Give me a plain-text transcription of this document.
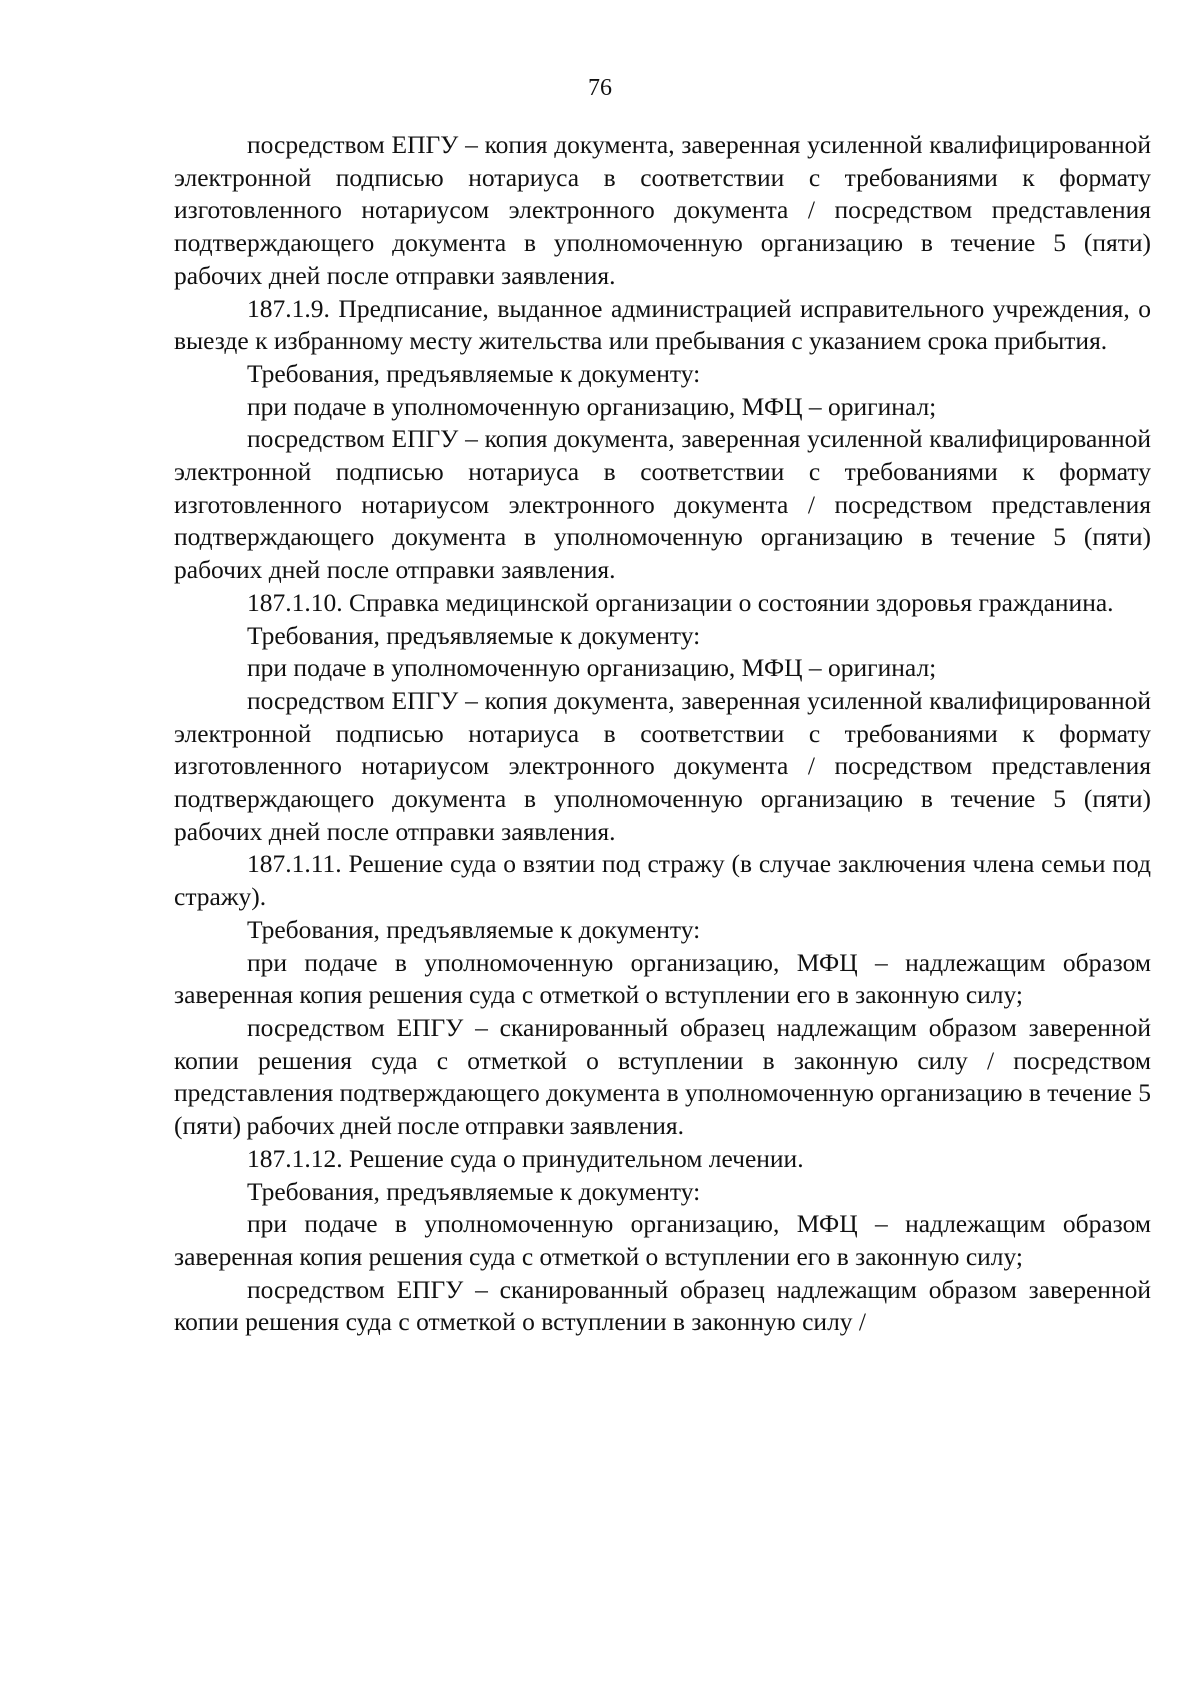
76

посредством ЕПГУ – копия документа, заверенная усиленной квалифицированной электронной подписью нотариуса в соответствии с требованиями к формату изготовленного нотариусом электронного документа / посредством представления подтверждающего документа в уполномоченную организацию в течение 5 (пяти) рабочих дней после отправки заявления.

187.1.9. Предписание, выданное администрацией исправительного учреждения, о выезде к избранному месту жительства или пребывания с указанием срока прибытия.

Требования, предъявляемые к документу:

при подаче в уполномоченную организацию, МФЦ – оригинал;

посредством ЕПГУ – копия документа, заверенная усиленной квалифицированной электронной подписью нотариуса в соответствии с требованиями к формату изготовленного нотариусом электронного документа / посредством представления подтверждающего документа в уполномоченную организацию в течение 5 (пяти) рабочих дней после отправки заявления.

187.1.10. Справка медицинской организации о состоянии здоровья гражданина.

Требования, предъявляемые к документу:

при подаче в уполномоченную организацию, МФЦ – оригинал;

посредством ЕПГУ – копия документа, заверенная усиленной квалифицированной электронной подписью нотариуса в соответствии с требованиями к формату изготовленного нотариусом электронного документа / посредством представления подтверждающего документа в уполномоченную организацию в течение 5 (пяти) рабочих дней после отправки заявления.

187.1.11. Решение суда о взятии под стражу (в случае заключения члена семьи под стражу).

Требования, предъявляемые к документу:

при подаче в уполномоченную организацию, МФЦ – надлежащим образом заверенная копия решения суда с отметкой о вступлении его в законную силу;

посредством ЕПГУ – сканированный образец надлежащим образом заверенной копии решения суда с отметкой о вступлении в законную силу / посредством представления подтверждающего документа в уполномоченную организацию в течение 5 (пяти) рабочих дней после отправки заявления.

187.1.12. Решение суда о принудительном лечении.

Требования, предъявляемые к документу:

при подаче в уполномоченную организацию, МФЦ – надлежащим образом заверенная копия решения суда с отметкой о вступлении его в законную силу;

посредством ЕПГУ – сканированный образец надлежащим образом заверенной копии решения суда с отметкой о вступлении в законную силу /
